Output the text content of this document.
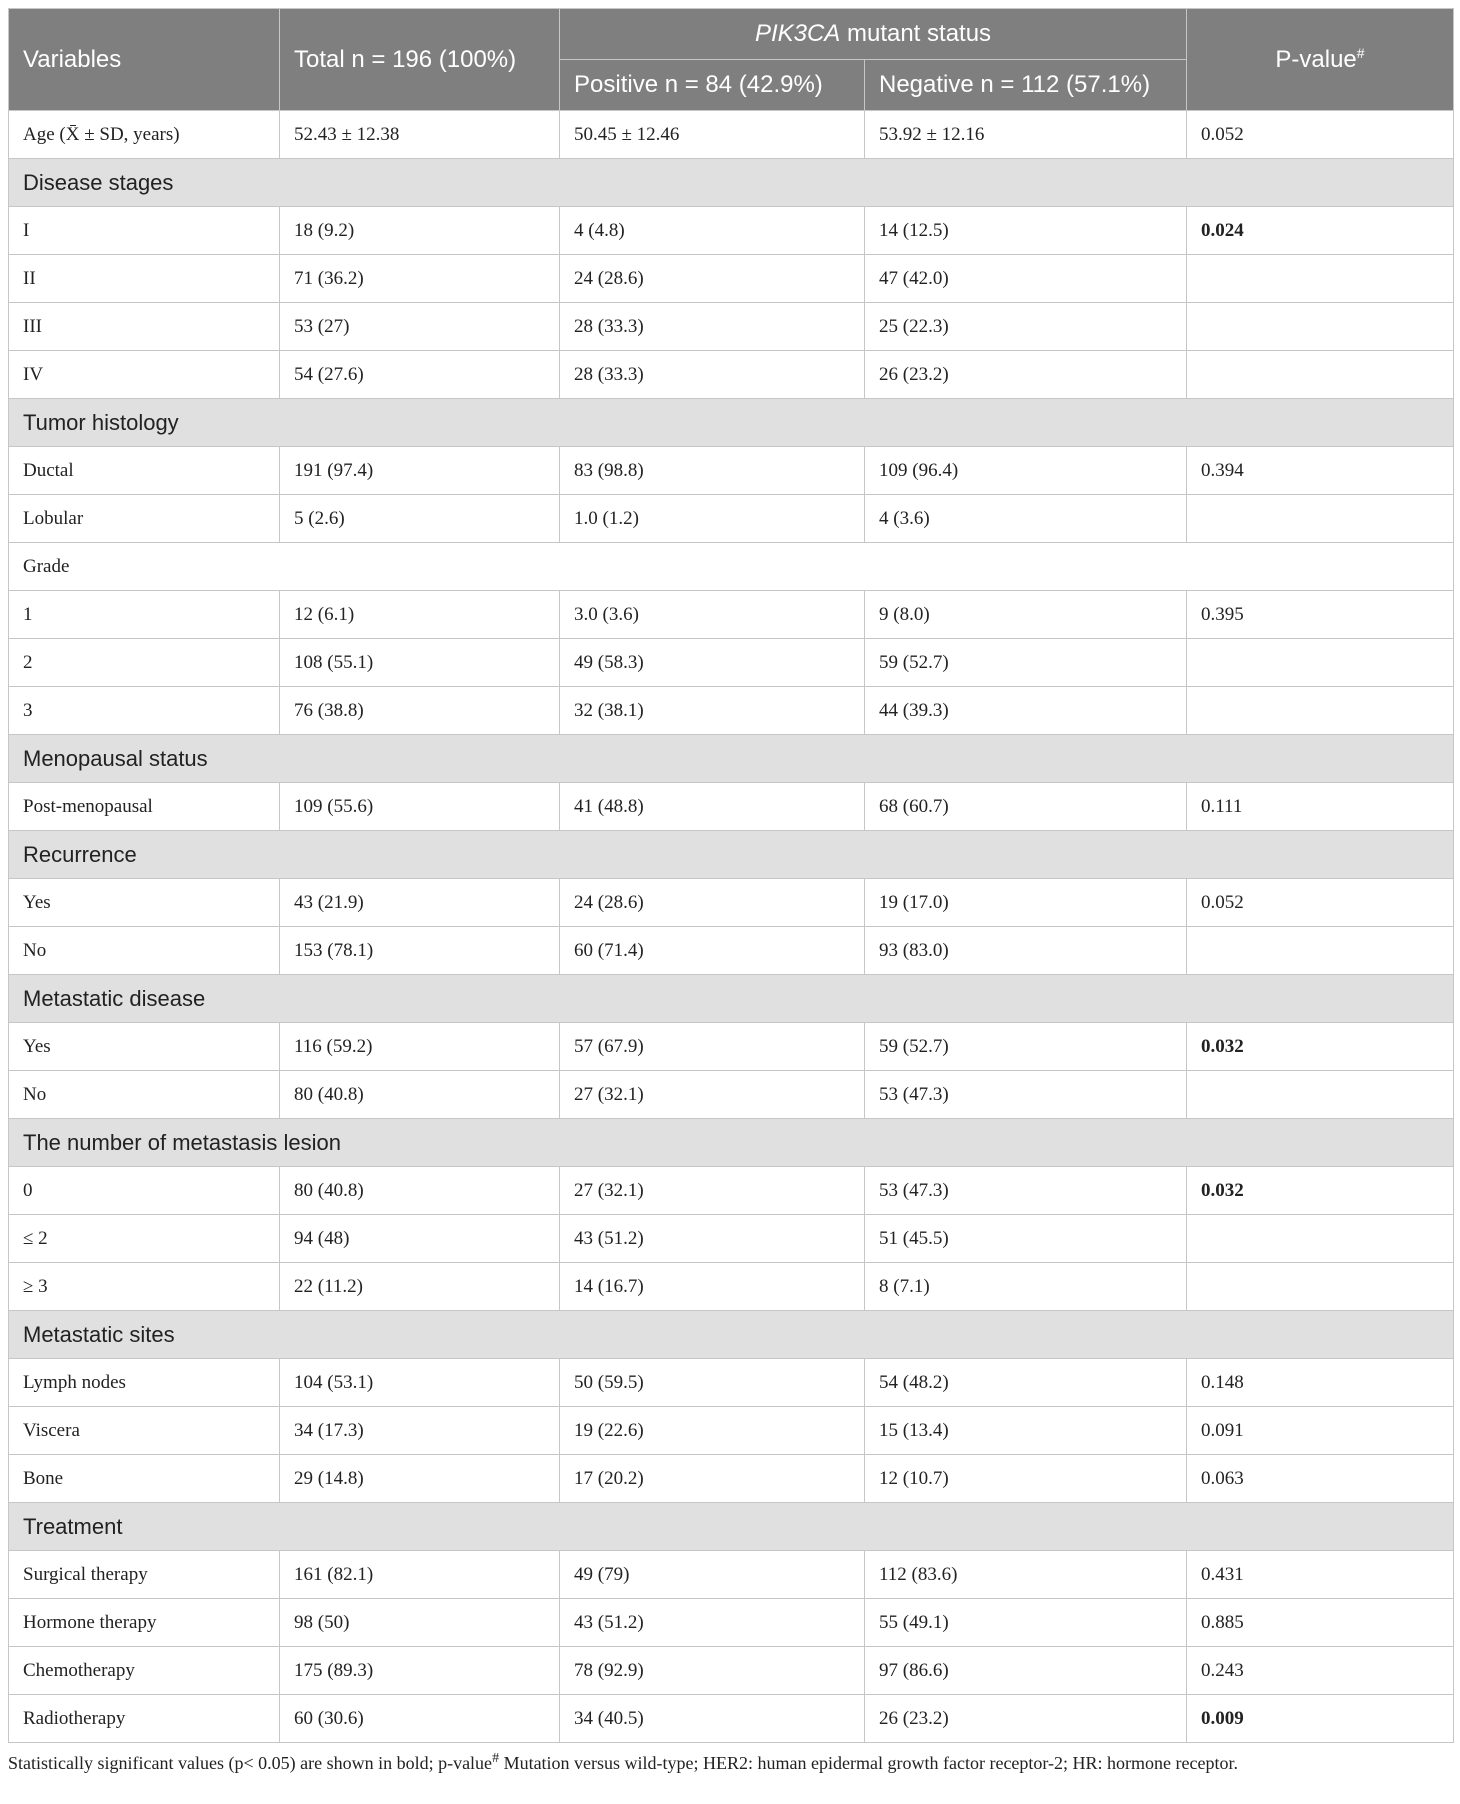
Variables	Total n = 196 (100%)	PIK3CA mutant status		P-value#
		Positive n = 84 (42.9%)	Negative n = 112 (57.1%)	
Age (X̄ ± SD, years)	52.43 ± 12.38	50.45 ± 12.46	53.92 ± 12.16	0.052
Disease stages				
I	18 (9.2)	4 (4.8)	14 (12.5)	0.024
II	71 (36.2)	24 (28.6)	47 (42.0)	
III	53 (27)	28 (33.3)	25 (22.3)	
IV	54 (27.6)	28 (33.3)	26 (23.2)	
Tumor histology				
Ductal	191 (97.4)	83 (98.8)	109 (96.4)	0.394
Lobular	5 (2.6)	1.0 (1.2)	4 (3.6)	
Grade				
1	12 (6.1)	3.0 (3.6)	9 (8.0)	0.395
2	108 (55.1)	49 (58.3)	59 (52.7)	
3	76 (38.8)	32 (38.1)	44 (39.3)	
Menopausal status				
Post-menopausal	109 (55.6)	41 (48.8)	68 (60.7)	0.111
Recurrence				
Yes	43 (21.9)	24 (28.6)	19 (17.0)	0.052
No	153 (78.1)	60 (71.4)	93 (83.0)	
Metastatic disease				
Yes	116 (59.2)	57 (67.9)	59 (52.7)	0.032
No	80 (40.8)	27 (32.1)	53 (47.3)	
The number of metastasis lesion				
0	80 (40.8)	27 (32.1)	53 (47.3)	0.032
≤ 2	94 (48)	43 (51.2)	51 (45.5)	
≥ 3	22 (11.2)	14 (16.7)	8 (7.1)	
Metastatic sites				
Lymph nodes	104 (53.1)	50 (59.5)	54 (48.2)	0.148
Viscera	34 (17.3)	19 (22.6)	15 (13.4)	0.091
Bone	29 (14.8)	17 (20.2)	12 (10.7)	0.063
Treatment				
Surgical therapy	161 (82.1)	49 (79)	112 (83.6)	0.431
Hormone therapy	98 (50)	43 (51.2)	55 (49.1)	0.885
Chemotherapy	175 (89.3)	78 (92.9)	97 (86.6)	0.243
Radiotherapy	60 (30.6)	34 (40.5)	26 (23.2)	0.009
Statistically significant values (p< 0.05) are shown in bold; p-value# Mutation versus wild-type; HER2: human epidermal growth factor receptor-2; HR: hormone receptor.
